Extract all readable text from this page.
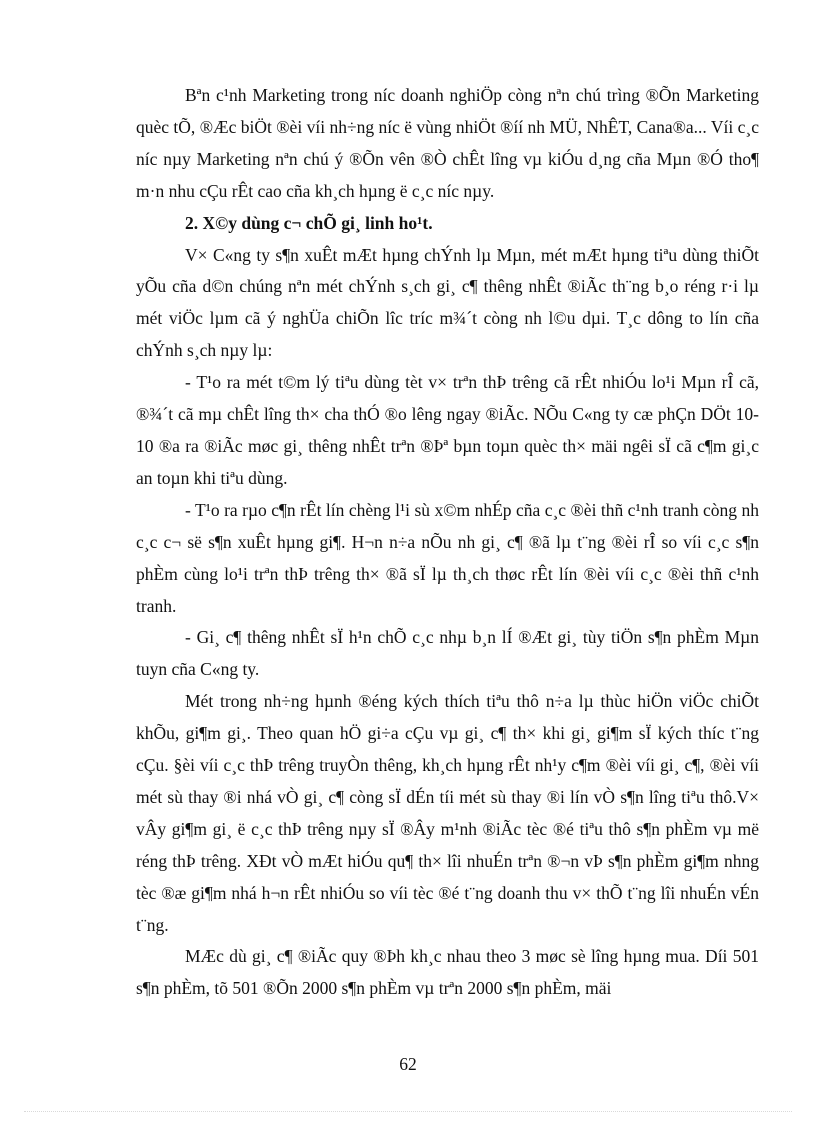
Bªn c¹nh Marketing trong níc doanh nghiÖp còng nªn chú trìng ®Õn Marketing quèc tÕ, ®Æc biÖt ®èi víi nh÷ng níc ë vùng nhiÖt ®íí nh MÜ, NhÊT, Cana®a... Víi c¸c níc nµy Marketing nªn chú ý ®Õn vên ®Ò chÊt lîng vµ kiÓu d¸ng cña Mµn ®Ó tho¶ m·n nhu cÇu rÊt cao cña kh¸ch hµng ë c¸c níc nµy.

2. X©y dùng c¬ chÕ gi¸ linh ho¹t.

V× C«ng ty s¶n xuÊt mÆt hµng chÝnh lµ Mµn, mét mÆt hµng tiªu dùng thiÕt yÕu cña d©n chúng nªn mét chÝnh s¸ch gi¸ c¶ thêng nhÊt ®iÃc th¨ng b¸o réng r·i lµ mét viÖc lµm cã ý nghÜa chiÕn lîc tríc m¾´t còng nh l©u dµi. T¸c dông to lín cña chÝnh s¸ch nµy lµ:

- T¹o ra mét t©m lý tiªu dùng tèt v× trªn thÞ trêng cã rÊt nhiÓu lo¹i Mµn rÎ cã, ®¾´t cã mµ chÊt lîng th× cha thÓ ®o lêng ngay ®iÃc. NÕu C«ng ty cæ phÇn DÖt 10-10 ®a ra ®iÃc møc gi¸ thêng nhÊt trªn ®Þª bµn toµn quèc th× mäi ngêi sÏ cã c¶m gi¸c an toµn khi tiªu dùng.

- T¹o ra rµo c¶n rÊt lín chèng l¹i sù x©m nhÉp cña c¸c ®èi thñ c¹nh tranh còng nh c¸c c¬ së s¶n xuÊt hµng gi¶. H¬n n÷a nÕu nh gi¸ c¶ ®ã lµ t¨ng ®èi rÎ so víi c¸c s¶n phÈm cùng lo¹i trªn thÞ trêng th× ®ã sÏ lµ th¸ch thøc rÊt lín ®èi víi c¸c ®èi thñ c¹nh tranh.

- Gi¸ c¶ thêng nhÊt sÏ h¹n chÕ c¸c nhµ b¸n lÍ ®Æt gi¸ tùy tiÖn s¶n phÈm Mµn tuyn cña C«ng ty.

Mét trong nh÷ng hµnh ®éng kých thích tiªu thô n÷a lµ thùc hiÖn viÖc chiÕt khÕu, gi¶m gi¸. Theo quan hÖ gi÷a cÇu vµ gi¸ c¶ th× khi gi¸ gi¶m sÏ kých thíc t¨ng cÇu. §èi víi c¸c thÞ trêng truyÒn thêng, kh¸ch hµng rÊt nh¹y c¶m ®èi víi gi¸ c¶, ®èi víi mét sù thay ®i nhá vÒ gi¸ c¶ còng sÏ dÉn tíi mét sù thay ®i lín vÒ s¶n lîng tiªu thô.V× vÂy gi¶m gi¸ ë c¸c thÞ trêng nµy sÏ ®Ây m¹nh ®iÃc tèc ®é tiªu thô s¶n phÈm vµ më réng thÞ trêng. XÐt vÒ mÆt hiÓu qu¶ th× lîi nhuÉn trªn ®¬n vÞ s¶n phÈm gi¶m nhng tèc ®æ gi¶m nhá h¬n rÊt nhiÓu so víi tèc ®é t¨ng doanh thu v× thÕ t¨ng lîi nhuÉn vÉn t¨ng.

MÆc dù gi¸ c¶ ®iÃc quy ®Þh kh¸c nhau theo 3 møc sè lîng hµng mua. Díi 501 s¶n phÈm, tõ 501 ®Õn 2000 s¶n phÈm vµ trªn 2000 s¶n phÈm, mäi

62
